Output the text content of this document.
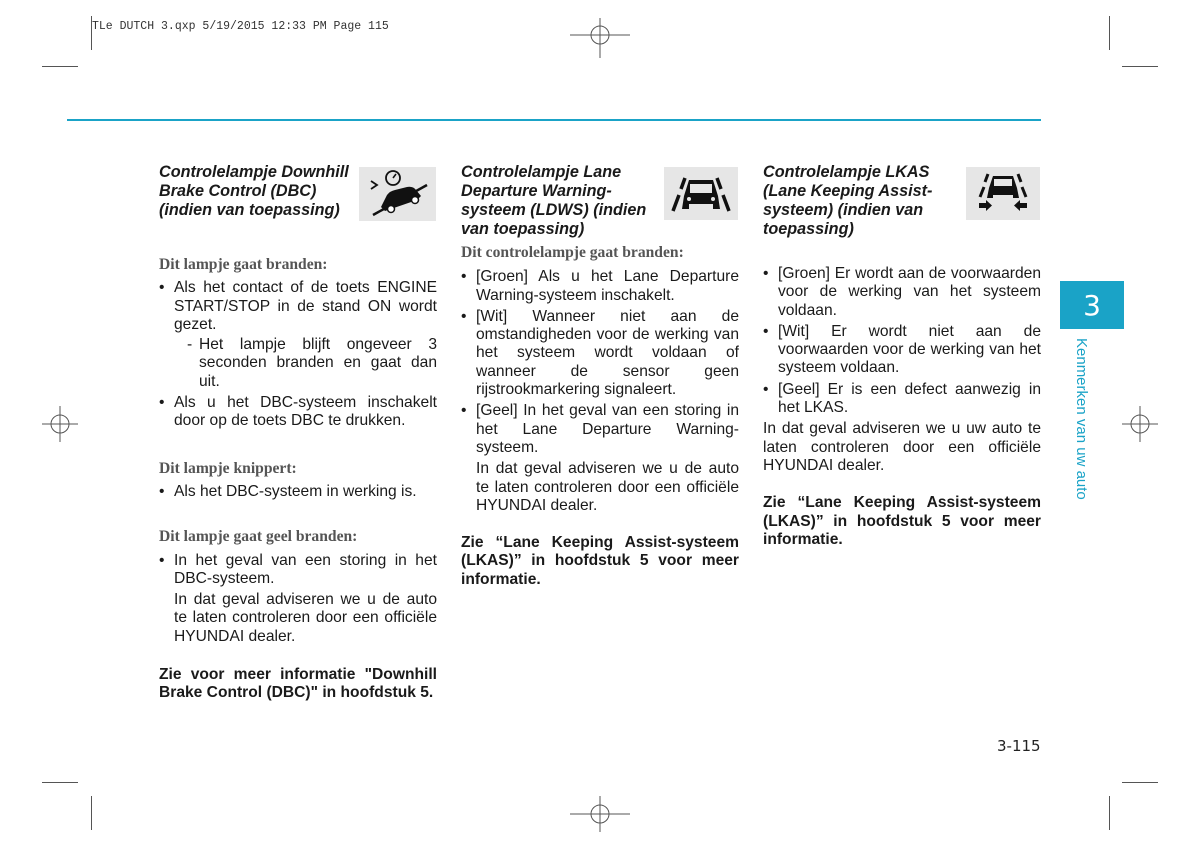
TLe DUTCH 3.qxp 5/19/2015 12:33 PM Page 115

Controlelampje Downhill Brake Control (DBC) (indien van toepassing)

Dit lampje gaat branden:

• Als het contact of de toets ENGINE START/STOP in de stand ON wordt gezet.
- Het lampje blijft ongeveer 3 seconden branden en gaat dan uit.
• Als u het DBC-systeem inschakelt door op de toets DBC te drukken.

Dit lampje knippert:

• Als het DBC-systeem in werking is.

Dit lampje gaat geel branden:

• In het geval van een storing in het DBC-systeem.
In dat geval adviseren we u de auto te laten controleren door een officiële HYUNDAI dealer.

Zie voor meer informatie "Downhill Brake Control (DBC)" in hoofdstuk 5.

Controlelampje Lane Departure Warning-systeem (LDWS) (indien van toepassing)

Dit controlelampje gaat branden:

• [Groen] Als u het Lane Departure Warning-systeem inschakelt.
• [Wit] Wanneer niet aan de omstandigheden voor de werking van het systeem wordt voldaan of wanneer de sensor geen rijstrookmarkering signaleert.
• [Geel] In het geval van een storing in het Lane Departure Warning-systeem.
In dat geval adviseren we u de auto te laten controleren door een officiële HYUNDAI dealer.

Zie “Lane Keeping Assist-systeem (LKAS)” in hoofdstuk 5 voor meer informatie.

Controlelampje LKAS (Lane Keeping Assist-systeem) (indien van toepassing)

• [Groen] Er wordt aan de voorwaarden voor de werking van het systeem voldaan.
• [Wit] Er wordt niet aan de voorwaarden voor de werking van het systeem voldaan.
• [Geel] Er is een defect aanwezig in het LKAS.

In dat geval adviseren we u uw auto te laten controleren door een officiële HYUNDAI dealer.

Zie “Lane Keeping Assist-systeem (LKAS)” in hoofdstuk 5 voor meer informatie.

3
Kenmerken van uw auto
3-115
